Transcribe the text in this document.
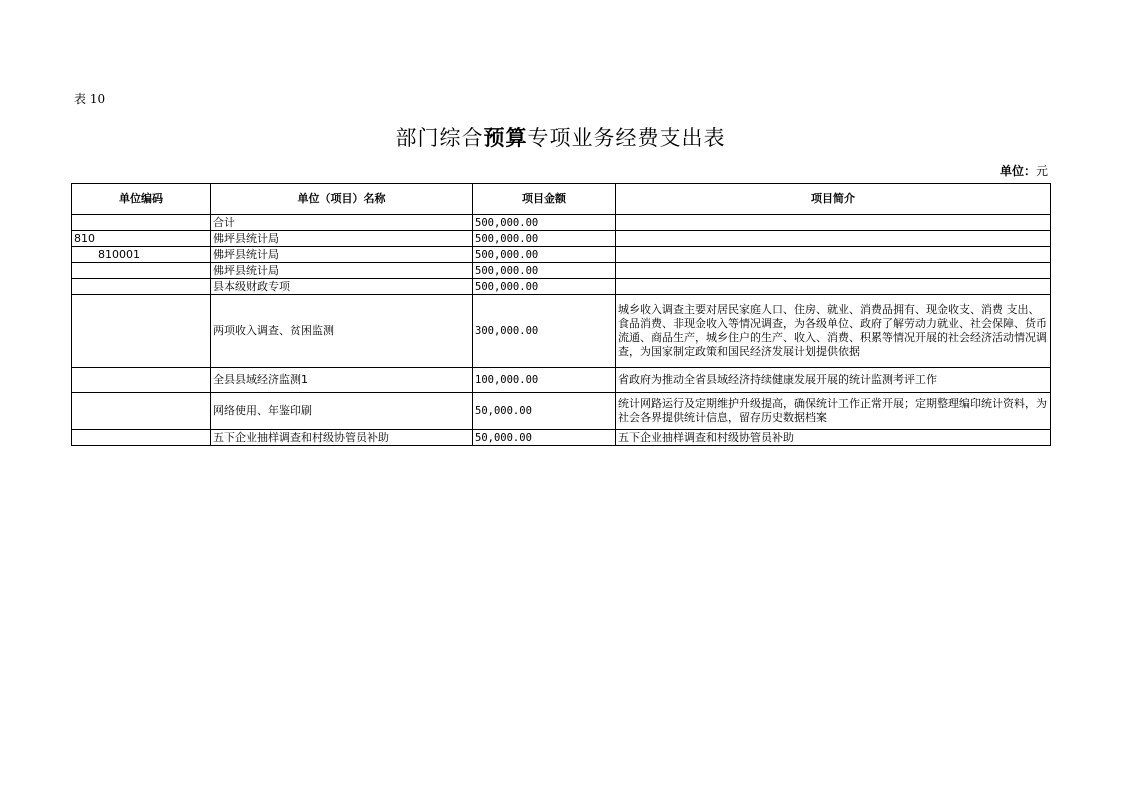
表 10
部门综合预算专项业务经费支出表
单位：元
单位编码	单位（项目）名称	项目金额	项目简介
	合计	500,000.00	
810	佛坪县统计局	500,000.00	
810001	佛坪县统计局	500,000.00	
	佛坪县统计局	500,000.00	
	县本级财政专项	500,000.00	
	两项收入调查、贫困监测	300,000.00	城乡收入调查主要对居民家庭人口、住房、就业、消费品拥有、现金收支、消费 支出、食品消费、非现金收入等情况调查，为各级单位、政府了解劳动力就业、社会保障、货币流通、商品生产，城乡住户的生产、收入、消费、积累等情况开展的社会经济活动情况调查，为国家制定政策和国民经济发展计划提供依据
	全县县域经济监测1	100,000.00	省政府为推动全省县域经济持续健康发展开展的统计监测考评工作
	网络使用、年鉴印刷	50,000.00	统计网路运行及定期维护升级提高，确保统计工作正常开展；定期整理编印统计资料，为社会各界提供统计信息，留存历史数据档案
	五下企业抽样调查和村级协管员补助	50,000.00	五下企业抽样调查和村级协管员补助
